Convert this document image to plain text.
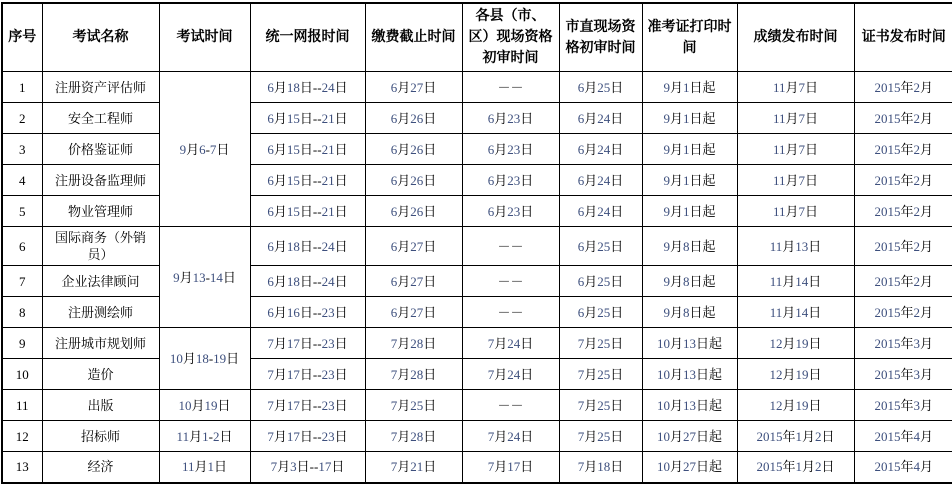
序号	考试名称	考试时间	统一网报时间	缴费截止时间	各县（市、区）现场资格初审时间	市直现场资格初审时间	准考证打印时间	成绩发布时间	证书发布时间
1	注册资产评估师	9月6-7日	6月18日--24日	6月27日	－－	6月25日	9月1日起	11月7日	2015年2月
2	安全工程师		6月15日--21日	6月26日	6月23日	6月24日	9月1日起	11月7日	2015年2月
3	价格鉴证师		6月15日--21日	6月26日	6月23日	6月24日	9月1日起	11月7日	2015年2月
4	注册设备监理师		6月15日--21日	6月26日	6月23日	6月24日	9月1日起	11月7日	2015年2月
5	物业管理师		6月15日--21日	6月26日	6月23日	6月24日	9月1日起	11月7日	2015年2月
6	国际商务（外销员）	9月13-14日	6月18日--24日	6月27日	－－	6月25日	9月8日起	11月13日	2015年2月
7	企业法律顾问		6月18日--24日	6月27日	－－	6月25日	9月8日起	11月14日	2015年2月
8	注册测绘师		6月16日--23日	6月27日	－－	6月25日	9月8日起	11月14日	2015年2月
9	注册城市规划师	10月18-19日	7月17日--23日	7月28日	7月24日	7月25日	10月13日起	12月19日	2015年3月
10	造价		7月17日--23日	7月28日	7月24日	7月25日	10月13日起	12月19日	2015年3月
11	出版	10月19日	7月17日--23日	7月25日	－－	7月25日	10月13日起	12月19日	2015年3月
12	招标师	11月1-2日	7月17日--23日	7月28日	7月24日	7月25日	10月27日起	2015年1月2日	2015年4月
13	经济	11月1日	7月3日--17日	7月21日	7月17日	7月18日	10月27日起	2015年1月2日	2015年4月
